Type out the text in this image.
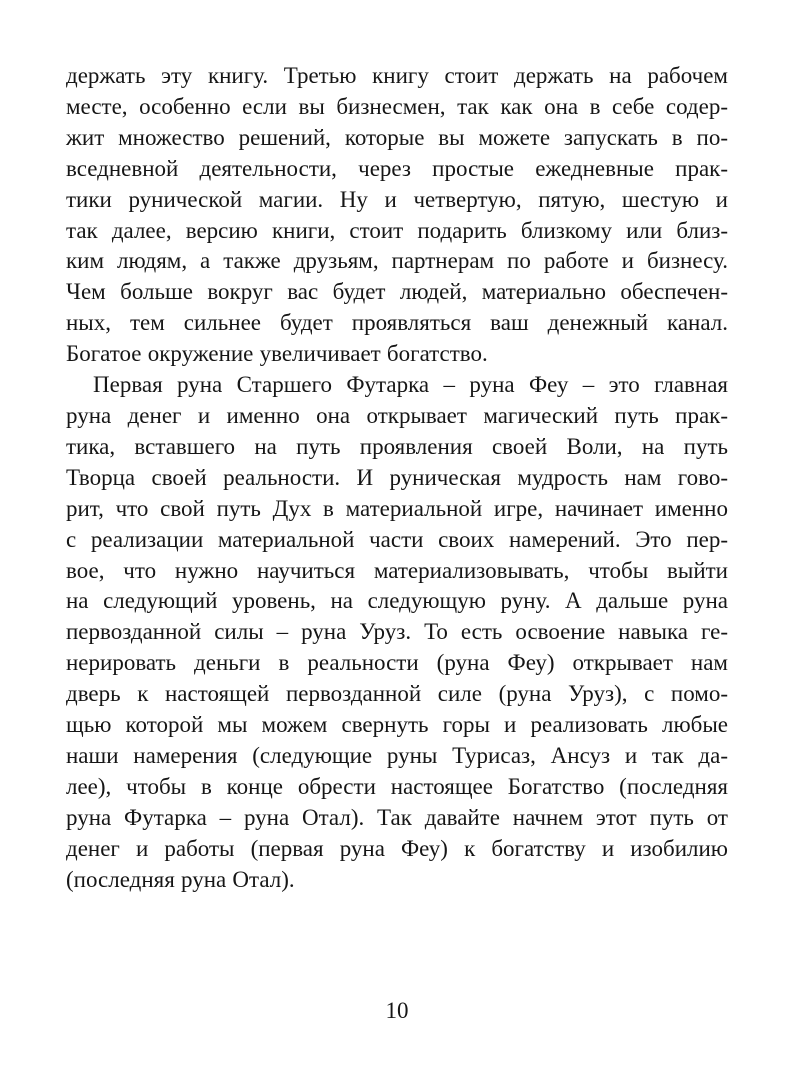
держать эту книгу. Третью книгу стоит держать на рабочем
месте, особенно если вы бизнесмен, так как она в себе содер-
жит множество решений, которые вы можете запускать в по-
вседневной деятельности, через простые ежедневные прак-
тики рунической магии. Ну и четвертую, пятую, шестую и
так далее, версию книги, стоит подарить близкому или близ-
ким людям, а также друзьям, партнерам по работе и бизнесу.
Чем больше вокруг вас будет людей, материально обеспечен-
ных, тем сильнее будет проявляться ваш денежный канал.
Богатое окружение увеличивает богатство.
Первая руна Старшего Футарка – руна Феу – это главная
руна денег и именно она открывает магический путь прак-
тика, вставшего на путь проявления своей Воли, на путь
Творца своей реальности. И руническая мудрость нам гово-
рит, что свой путь Дух в материальной игре, начинает именно
с реализации материальной части своих намерений. Это пер-
вое, что нужно научиться материализовывать, чтобы выйти
на следующий уровень, на следующую руну. А дальше руна
первозданной силы – руна Уруз. То есть освоение навыка ге-
нерировать деньги в реальности (руна Феу) открывает нам
дверь к настоящей первозданной силе (руна Уруз), с помо-
щью которой мы можем свернуть горы и реализовать любые
наши намерения (следующие руны Турисаз, Ансуз и так да-
лее), чтобы в конце обрести настоящее Богатство (последняя
руна Футарка – руна Отал). Так давайте начнем этот путь от
денег и работы (первая руна Феу) к богатству и изобилию
(последняя руна Отал).
10
